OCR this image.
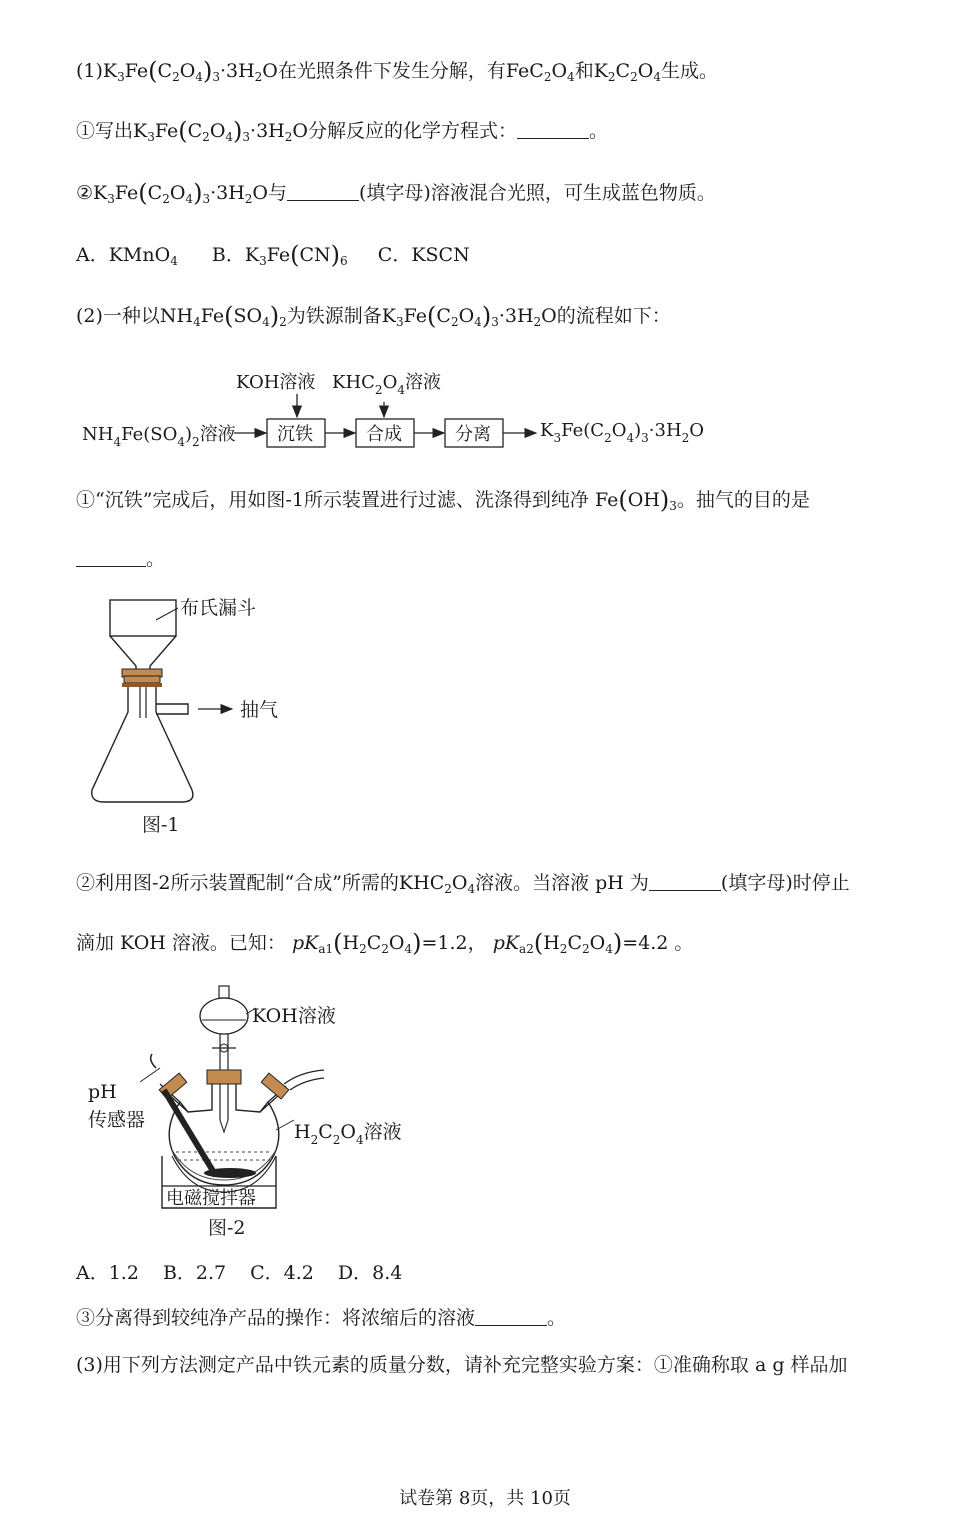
$(1)K_3Fe(C_2O_4)_3\cdot 3H_2O$在光照条件下发生分解，有$FeC_2O_4$和$K_2C_2O_4$生成。
①写出$K_3Fe(C_2O_4)_3\cdot 3H_2O$分解反应的化学方程式：	。
$②K_3Fe(C_2O_4)_3\cdot 3H_2O$与	(填字母)溶液混合光照，可生成蓝色物质。
A．KMnO$_4$ B．$K_3Fe(CN)_6$ C．KSCN
(2)一种以$NH_4Fe(SO_4)_2$为铁源制备$K_3Fe(C_2O_4)_3\cdot 3H_2O$的流程如下：
KOH溶液 $KHC_2O_4$溶液
$NH_4Fe(SO_4)_2$溶液 沉铁	合成	分离	$K_3Fe(C_2O_4)_3\cdot 3H_2O$
①“沉铁”完成后，用如图-1所示装置进行过滤、洗涤得到纯净 $Fe(OH)_3$。抽气的目的是
。
布氏漏斗
抽气
图-1
②利用图-2所示装置配制“合成”所需的$KHC_2O_4$溶液。当溶液 pH 为	(填字母)时停止
滴加 KOH 溶液。已知： $pK_{a1}(H_2C_2O_4)=1.2$， $pK_{a2}(H_2C_2O_4)=4.2$ 。
KOH溶液
pH
传感器
$H_2C_2O_4$溶液
电磁搅拌器
图-2
A．1.2 B．2.7 C．4.2 D．8.4
③分离得到较纯净产品的操作：将浓缩后的溶液	。
(3)用下列方法测定产品中铁元素的质量分数，请补充完整实验方案：①准确称取 a g 样品加
试卷第 8页，共 10页
